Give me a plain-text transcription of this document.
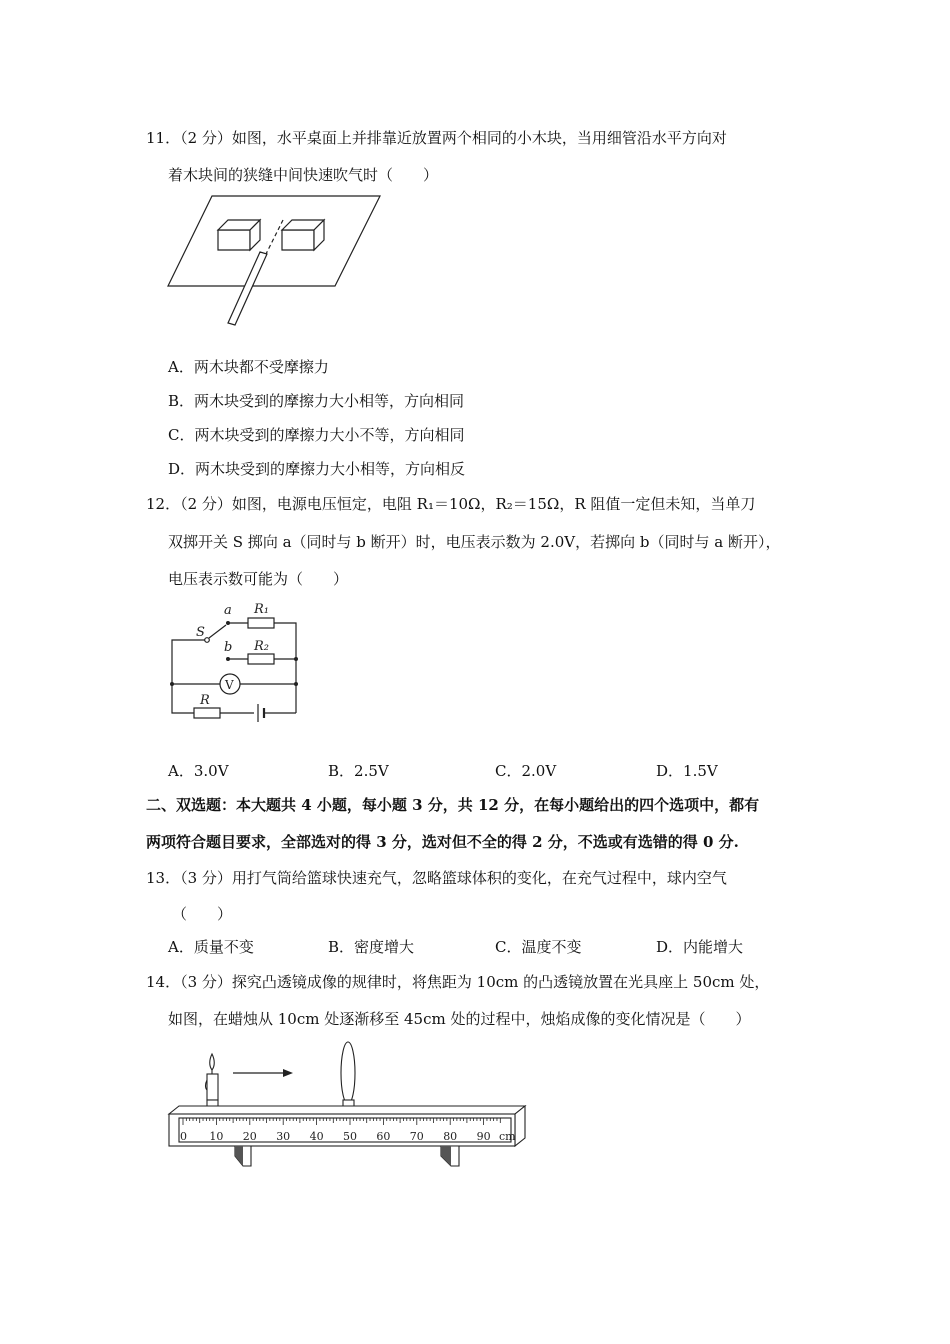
11．（2 分）如图，水平桌面上并排靠近放置两个相同的小木块，当用细管沿水平方向对
着木块间的狭缝中间快速吹气时（　　）
A．两木块都不受摩擦力
B．两木块受到的摩擦力大小相等，方向相同
C．两木块受到的摩擦力大小不等，方向相同
D．两木块受到的摩擦力大小相等，方向相反
12．（2 分）如图，电源电压恒定，电阻 R₁＝10Ω，R₂＝15Ω，R 阻值一定但未知，当单刀
双掷开关 S 掷向 a（同时与 b 断开）时，电压表示数为 2.0V，若掷向 b（同时与 a 断开），
电压表示数可能为（　　）
a
b
S
R₁
R₂
R
V
A．3.0V	B．2.5V	C．2.0V	D．1.5V
二、双选题：本大题共 4 小题，每小题 3 分，共 12 分，在每小题给出的四个选项中，都有
两项符合题目要求，全部选对的得 3 分，选对但不全的得 2 分，不选或有选错的得 0 分.
13．（3 分）用打气筒给篮球快速充气，忽略篮球体积的变化，在充气过程中，球内空气
（　　）
A．质量不变	B．密度增大	C．温度不变	D．内能增大
14．（3 分）探究凸透镜成像的规律时，将焦距为 10cm 的凸透镜放置在光具座上 50cm 处，
如图，在蜡烛从 10cm 处逐渐移至 45cm 处的过程中，烛焰成像的变化情况是（　　）
0 10 20 30 40 50 60 70 80 90 cm
